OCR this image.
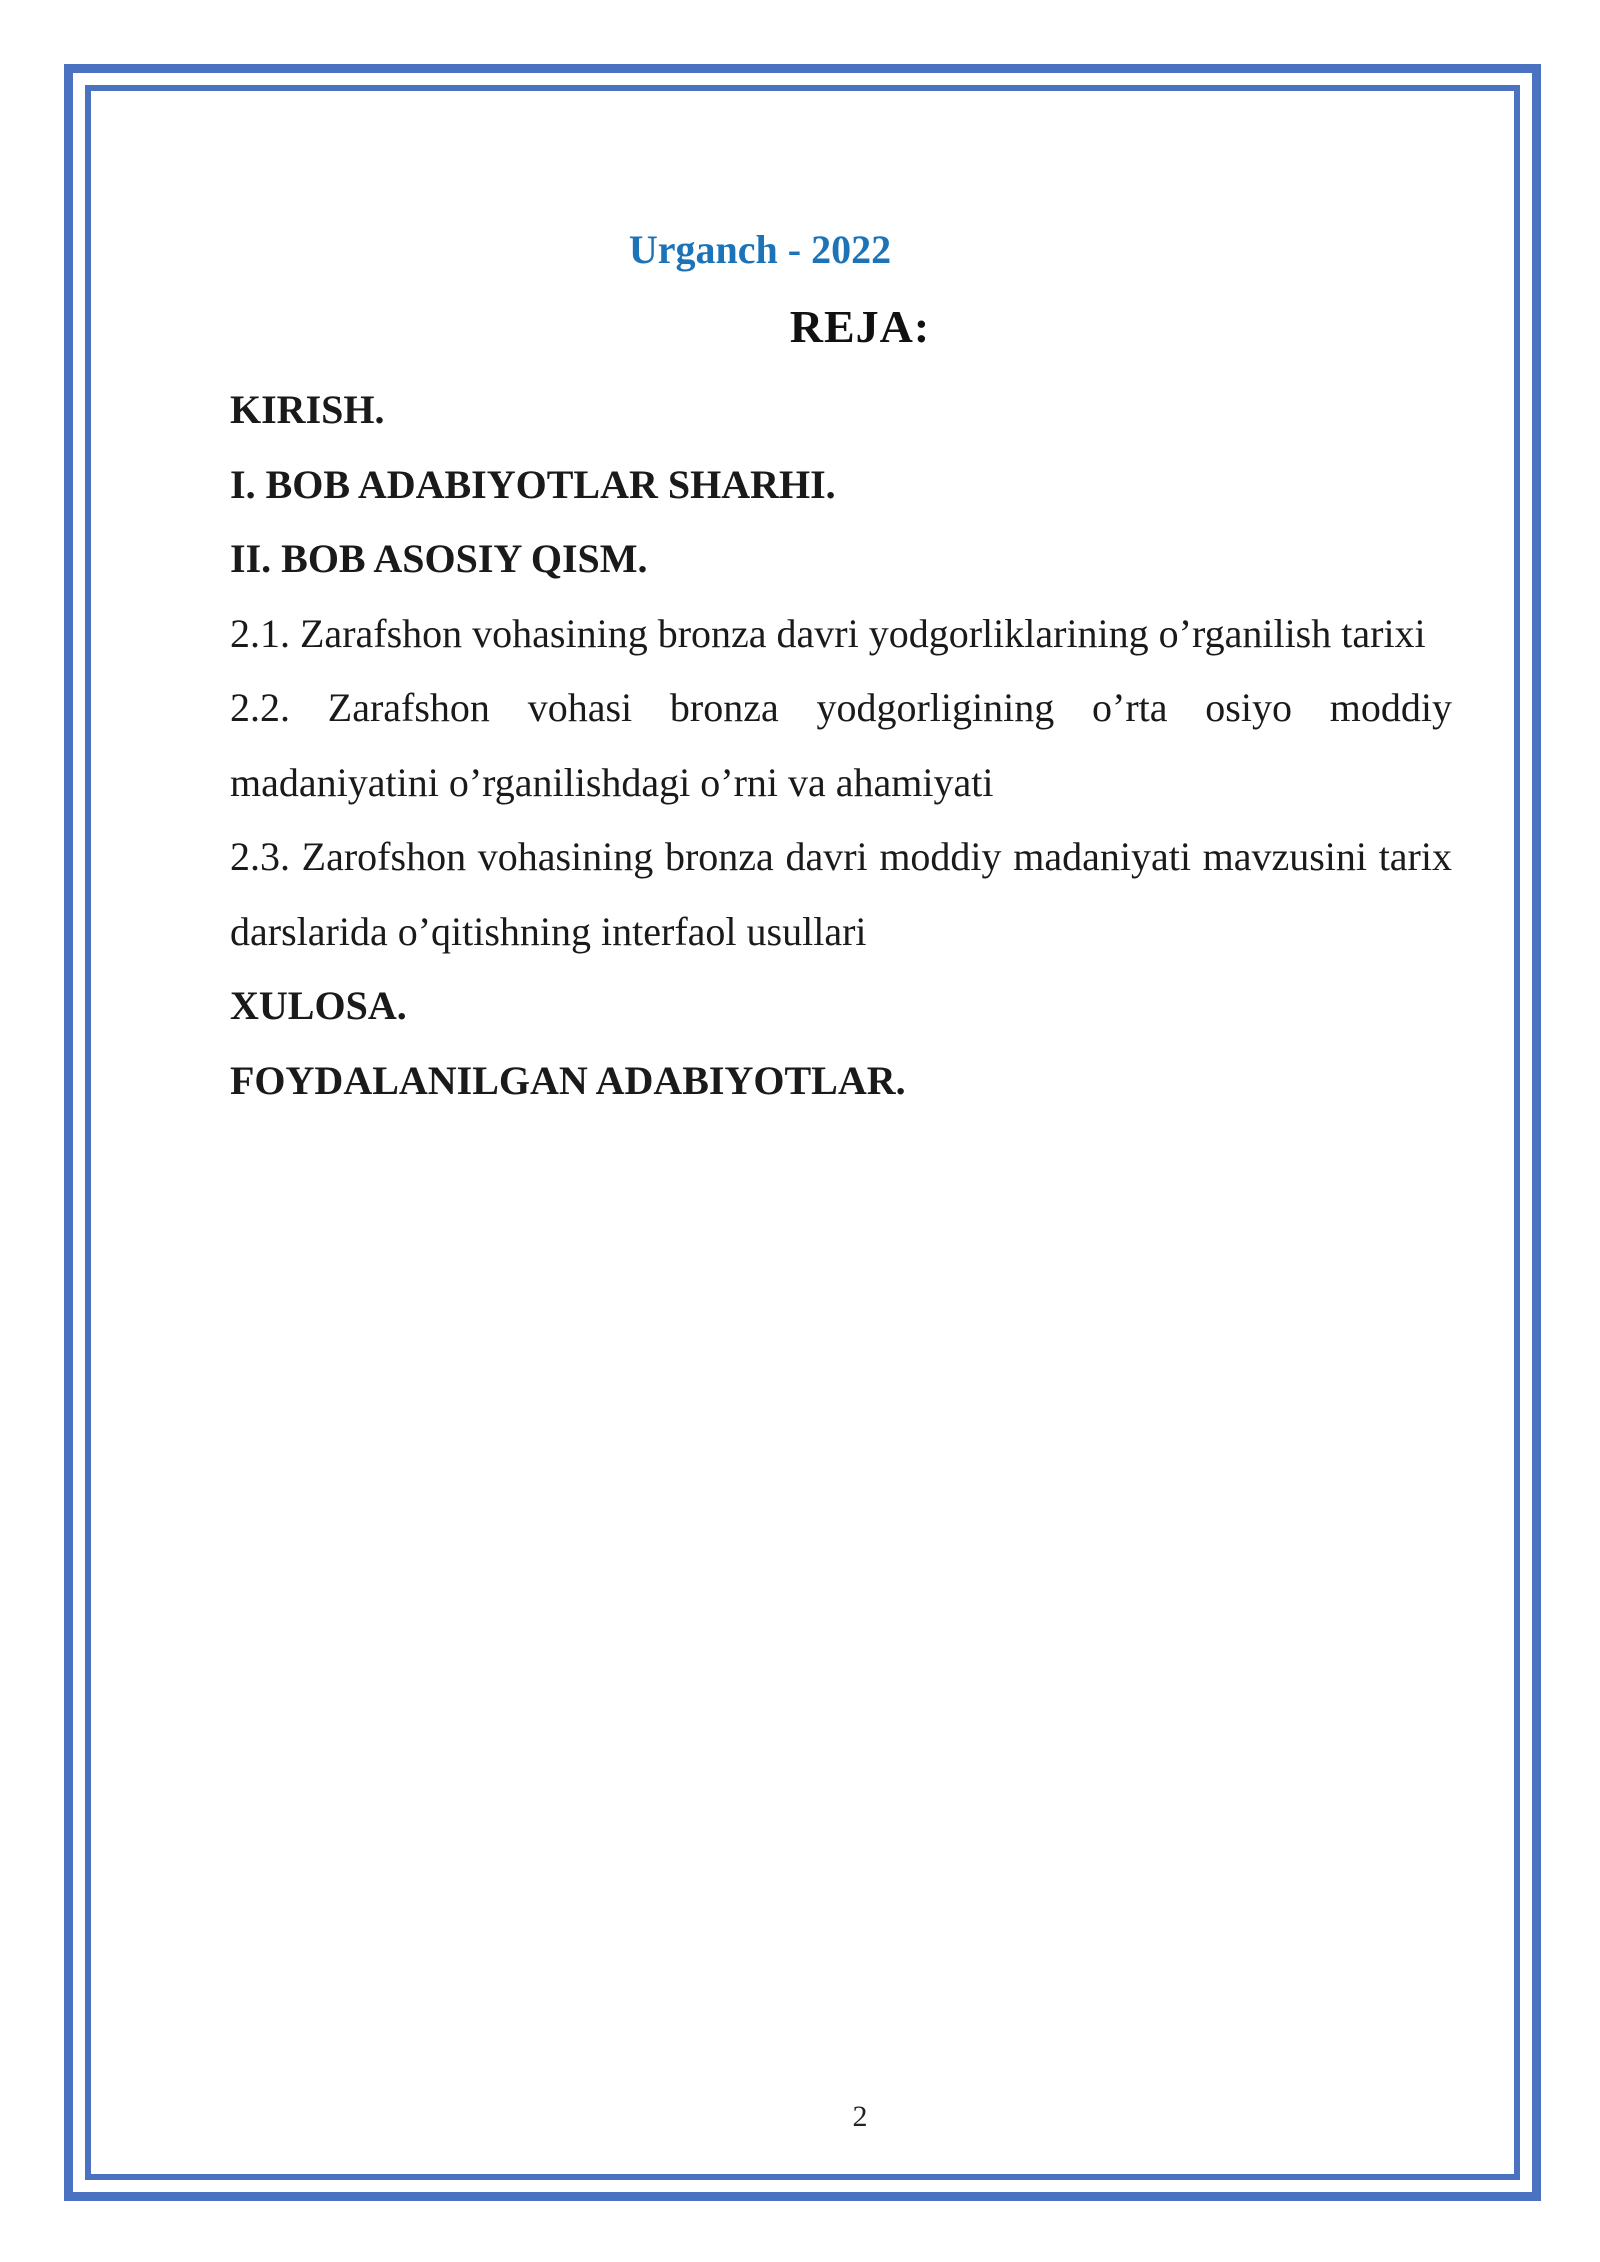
Urganch - 2022
REJA:

KIRISH.

I. BOB ADABIYOTLAR SHARHI.

II. BOB ASOSIY QISM.

2.1. Zarafshon vohasining bronza davri yodgorliklarining o’rganilish tarixi

2.2. Zarafshon vohasi bronza yodgorligining o’rta osiyo moddiy madaniyatini o’rganilishdagi o’rni va ahamiyati

2.3. Zarofshon vohasining bronza davri moddiy madaniyati mavzusini tarix darslarida o’qitishning interfaol usullari

XULOSA.

FOYDALANILGAN ADABIYOTLAR.

2
